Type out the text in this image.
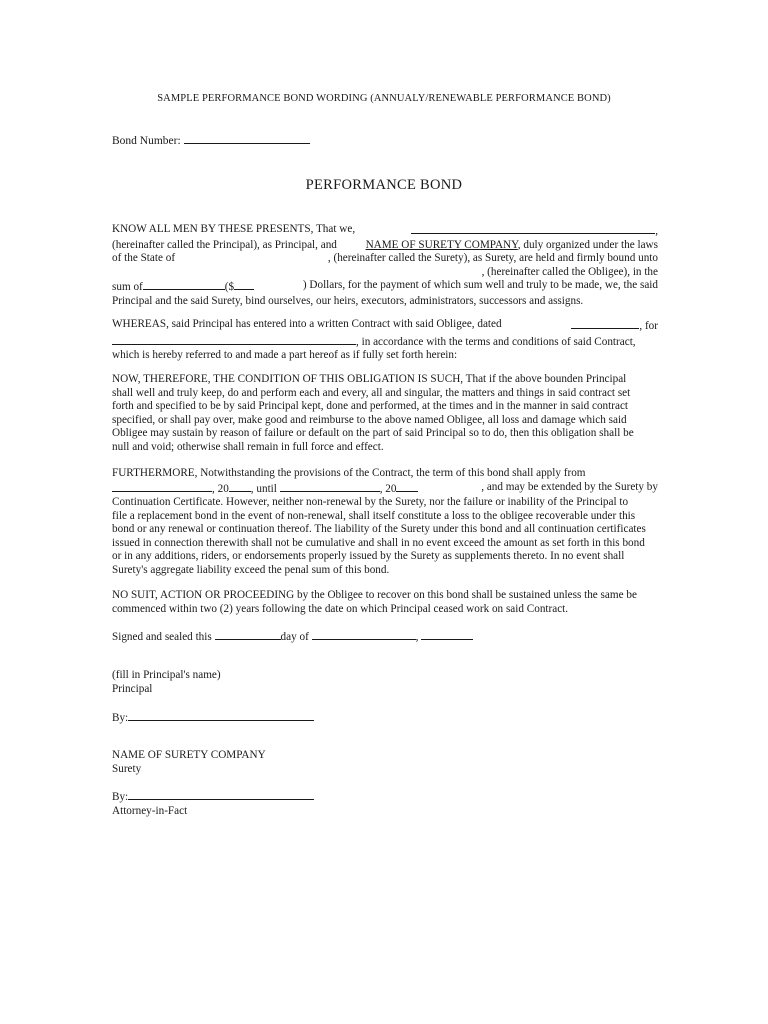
SAMPLE PERFORMANCE BOND WORDING (ANNUALY/RENEWABLE PERFORMANCE BOND)
Bond Number:
PERFORMANCE BOND
KNOW ALL MEN BY THESE PRESENTS, That we,	,
(hereinafter called the Principal), as Principal, and	NAME OF SURETY COMPANY, duly organized under the laws
of the State of	, (hereinafter called the Surety), as Surety, are held and firmly bound unto
, (hereinafter called the Obligee), in the
sum of	($	) Dollars, for the payment of which sum well and truly to be made, we, the said
Principal and the said Surety, bind ourselves, our heirs, executors, administrators, successors and assigns.
WHEREAS, said Principal has entered into a written Contract with said Obligee, dated	, for
, in accordance with the terms and conditions of said Contract,
which is hereby referred to and made a part hereof as if fully set forth herein:
NOW, THEREFORE, THE CONDITION OF THIS OBLIGATION IS SUCH, That if the above bounden Principal
shall well and truly keep, do and perform each and every, all and singular, the matters and things in said contract set
forth and specified to be by said Principal kept, done and performed, at the times and in the manner in said contract
specified, or shall pay over, make good and reimburse to the above named Obligee, all loss and damage which said
Obligee may sustain by reason of failure or default on the part of said Principal so to do, then this obligation shall be
null and void; otherwise shall remain in full force and effect.
FURTHERMORE, Notwithstanding the provisions of the Contract, the term of this bond shall apply from
, 20 , until	, 20	, and may be extended by the Surety by
Continuation Certificate. However, neither non-renewal by the Surety, nor the failure or inability of the Principal to
file a replacement bond in the event of non-renewal, shall itself constitute a loss to the obligee recoverable under this
bond or any renewal or continuation thereof. The liability of the Surety under this bond and all continuation certificates
issued in connection therewith shall not be cumulative and shall in no event exceed the amount as set forth in this bond
or in any additions, riders, or endorsements properly issued by the Surety as supplements thereto. In no event shall
Surety's aggregate liability exceed the penal sum of this bond.
NO SUIT, ACTION OR PROCEEDING by the Obligee to recover on this bond shall be sustained unless the same be
commenced within two (2) years following the date on which Principal ceased work on said Contract.
Signed and sealed this	day of	,
(fill in Principal's name)
Principal
By:
NAME OF SURETY COMPANY
Surety
By:
Attorney-in-Fact
